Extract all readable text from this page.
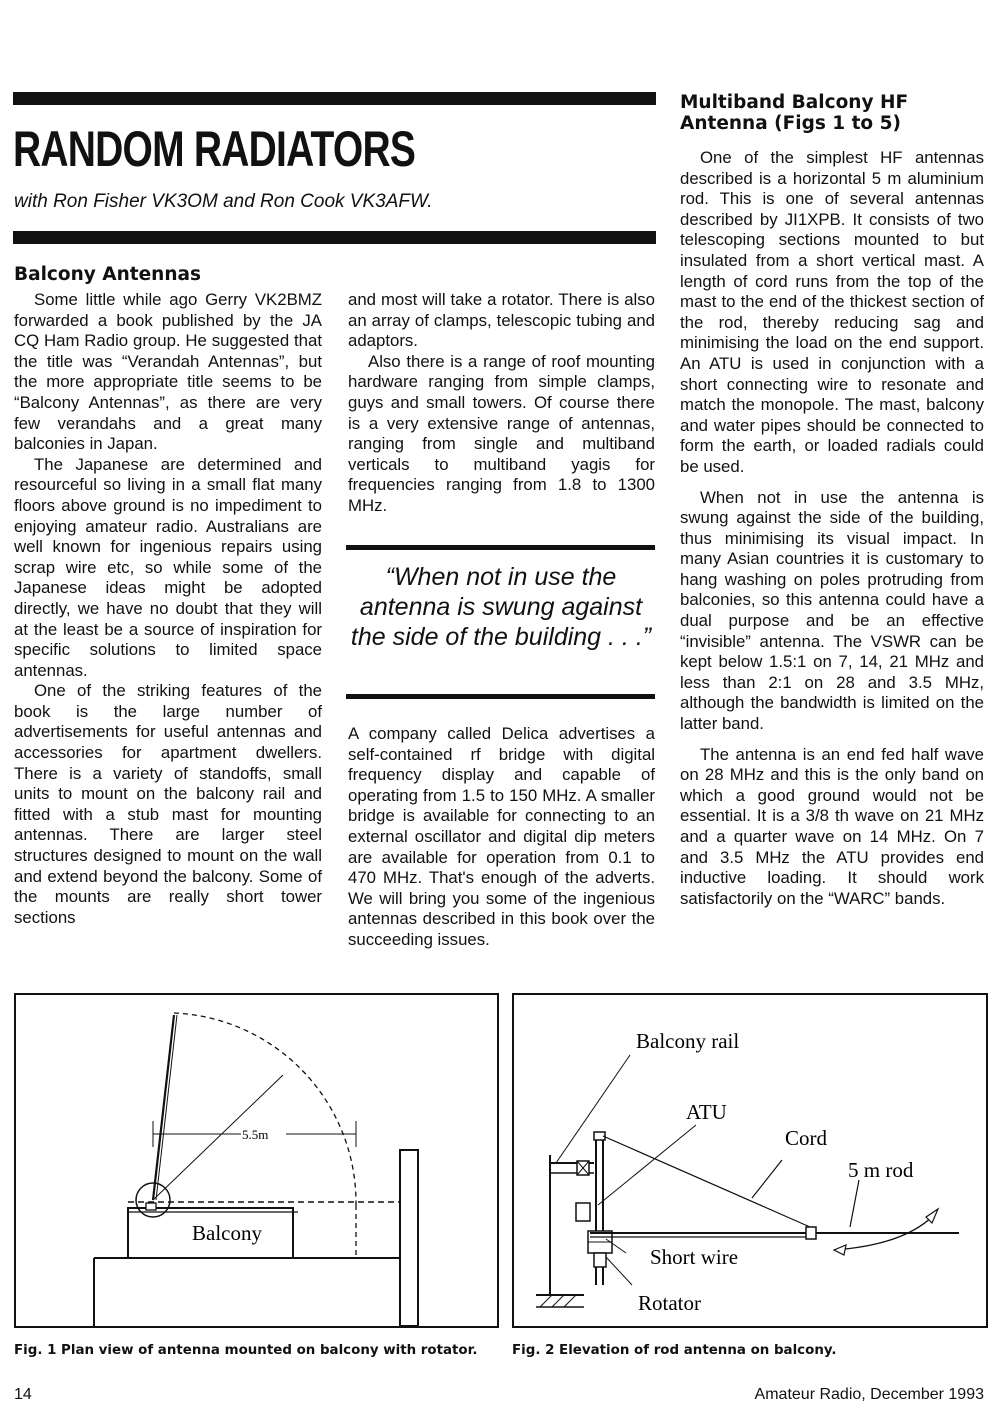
RANDOM RADIATORS
with Ron Fisher VK3OM and Ron Cook VK3AFW.
Balcony Antennas

Some little while ago Gerry VK2BMZ forwarded a book published by the JA CQ Ham Radio group. He suggested that the title was “Verandah Antennas”, but the more appropriate title seems to be “Balcony Antennas”, as there are very few verandahs and a great many balconies in Japan.

The Japanese are determined and resourceful so living in a small flat many floors above ground is no impediment to enjoying amateur radio. Australians are well known for ingenious repairs using scrap wire etc, so while some of the Japanese ideas might be adopted directly, we have no doubt that they will at the least be a source of inspiration for specific solutions to limited space antennas.

One of the striking features of the book is the large number of advertisements for useful antennas and accessories for apartment dwellers. There is a variety of standoffs, small units to mount on the balcony rail and fitted with a stub mast for mounting antennas. There are larger steel structures designed to mount on the wall and extend beyond the balcony. Some of the mounts are really short tower sections

and most will take a rotator. There is also an array of clamps, telescopic tubing and adaptors.

Also there is a range of roof mounting hardware ranging from simple clamps, guys and small towers. Of course there is a very extensive range of antennas, ranging from single and multiband verticals to multiband yagis for frequencies ranging from 1.8 to 1300 MHz.

“When not in use the antenna is swung against the side of the building . . .”

A company called Delica advertises a self-contained rf bridge with digital frequency display and capable of operating from 1.5 to 150 MHz. A smaller bridge is available for connecting to an external oscillator and digital dip meters are available for operation from 0.1 to 470 MHz. That's enough of the adverts. We will bring you some of the ingenious antennas described in this book over the succeeding issues.

Multiband Balcony HF Antenna (Figs 1 to 5)

One of the simplest HF antennas described is a horizontal 5 m aluminium rod. This is one of several antennas described by JI1XPB. It consists of two telescoping sections mounted to but insulated from a short vertical mast. A length of cord runs from the top of the mast to the end of the thickest section of the rod, thereby reducing sag and minimising the load on the end support. An ATU is used in conjunction with a short connecting wire to resonate and match the monopole. The mast, balcony and water pipes should be connected to form the earth, or loaded radials could be used.

When not in use the antenna is swung against the side of the building, thus minimising its visual impact. In many Asian countries it is customary to hang washing on poles protruding from balconies, so this antenna could have a dual purpose and be an effective “invisible” antenna. The VSWR can be kept below 1.5:1 on 7, 14, 21 MHz and less than 2:1 on 28 and 3.5 MHz, although the bandwidth is limited on the latter band.

The antenna is an end fed half wave on 28 MHz and this is the only band on which a good ground would not be essential. It is a 3/8 th wave on 21 MHz and a quarter wave on 14 MHz. On 7 and 3.5 MHz the ATU provides end inductive loading. It should work satisfactorily on the “WARC” bands.

5.5m
Balcony
Fig. 1 Plan view of antenna mounted on balcony with rotator.
Balcony rail
ATU
Cord
5 m rod
Short wire
Rotator
Fig. 2 Elevation of rod antenna on balcony.
14	Amateur Radio, December 1993
